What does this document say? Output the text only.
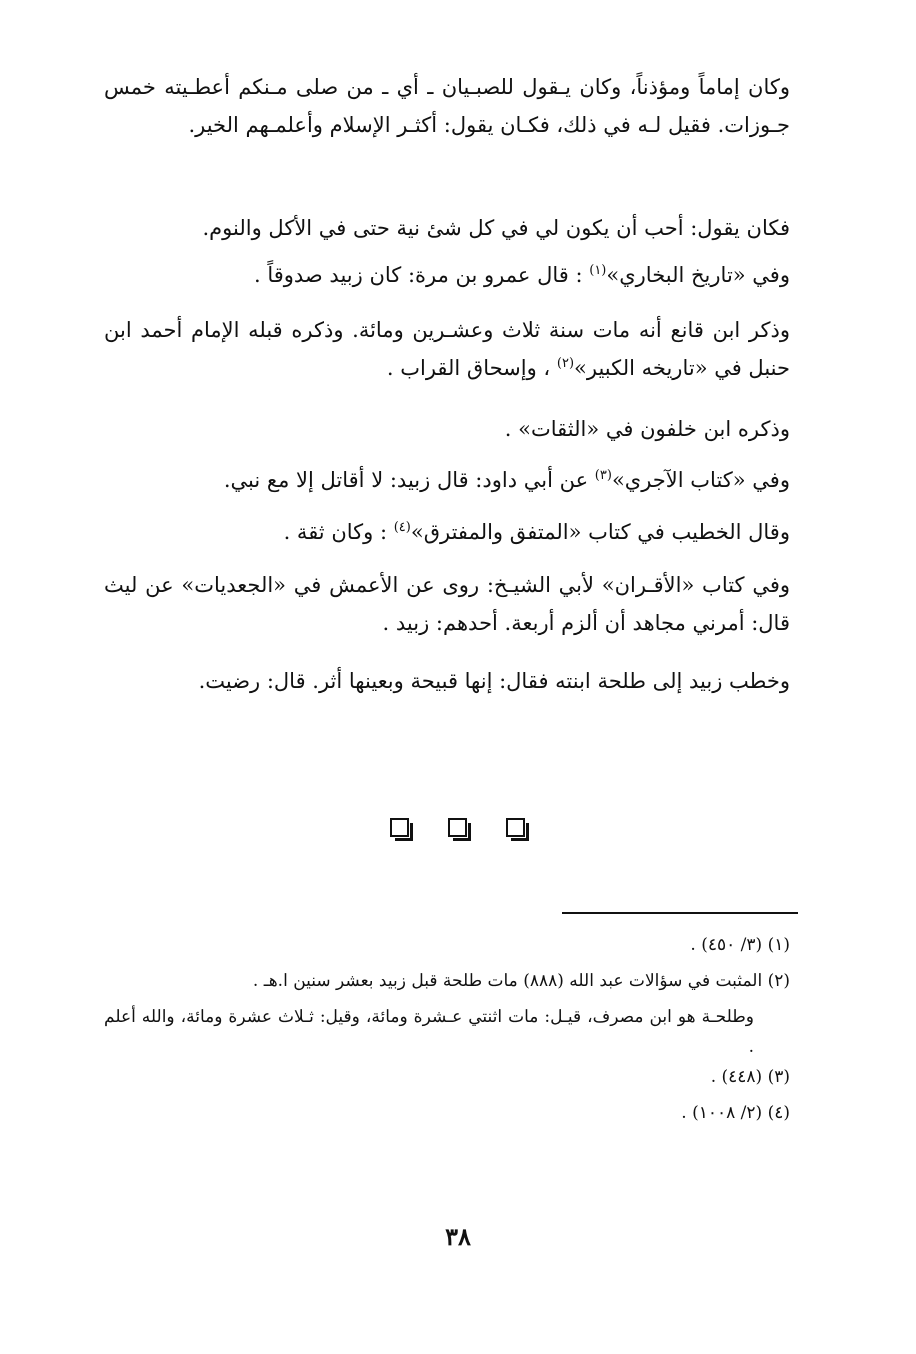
وكان إماماً ومؤذناً، وكان يـقول للصبـيان ـ أي ـ من صلى مـنكم أعطـيته خمس جـوزات. فقيل لـه في ذلك، فكـان يقول: أكثـر الإسلام وأعلمـهم الخير.

فكان يقول: أحب أن يكون لي في كل شئ نية حتى في الأكل والنوم.

وفي «تاريخ البخاري»$^{(١)}$ : قال عمرو بن مرة: كان زبيد صدوقاً .

وذكر ابن قانع أنه مات سنة ثلاث وعشـرين ومائة. وذكره قبله الإمام أحمد ابن حنبل في «تاريخه الكبير»$^{(٢)}$ ، وإسحاق القراب .

وذكره ابن خلفون في «الثقات» .

وفي «كتاب الآجري»$^{(٣)}$ عن أبي داود: قال زبيد: لا أقاتل إلا مع نبي.

وقال الخطيب في كتاب «المتفق والمفترق»$^{(٤)}$ : وكان ثقة .

وفي كتاب «الأقـران» لأبي الشيـخ: روى عن الأعمش في «الجعديات» عن ليث قال: أمرني مجاهد أن ألزم أربعة. أحدهم: زبيد .

وخطب زبيد إلى طلحة ابنته فقال: إنها قبيحة وبعينها أثر. قال: رضيت.

(١) (٣/ ٤٥٠) .

(٢) المثبت في سؤالات عبد الله (٨٨٨) مات طلحة قبل زبيد بعشر سنين ا.هـ .

وطلحـة هو ابن مصرف، قيـل: مات اثنتي عـشرة ومائة، وقيل: ثـلاث عشرة ومائة، والله أعلم .

(٣) (٤٤٨) .

(٤) (٢/ ١٠٠٨) .

٣٨
